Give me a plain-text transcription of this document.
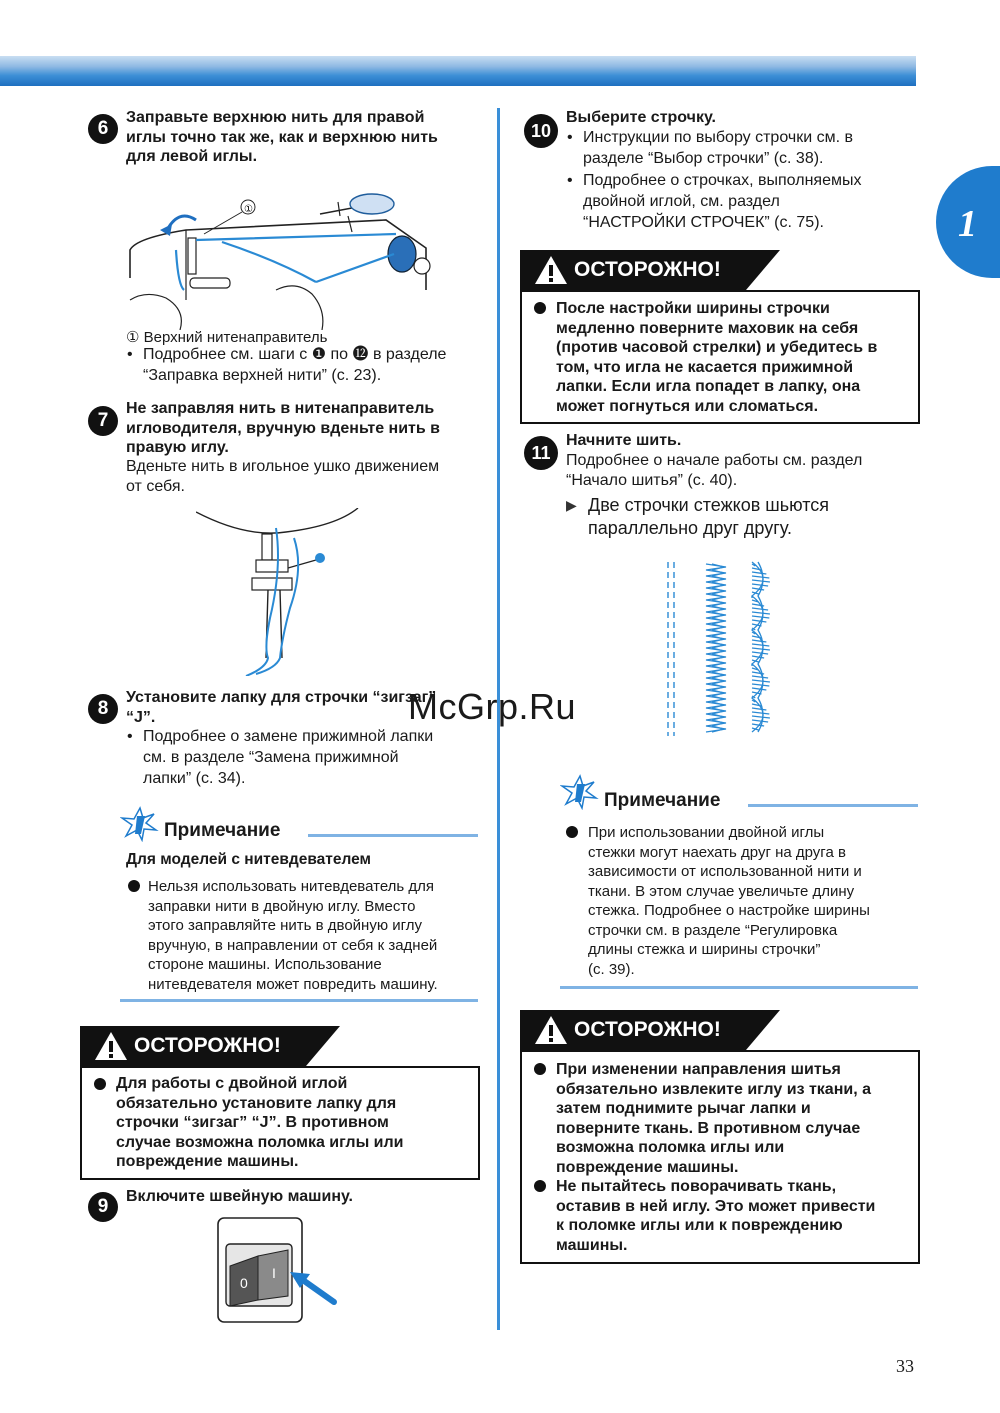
1
6
Заправьте верхнюю нить для правой
иглы точно так же, как и верхнюю нить
для левой иглы.
①
① Верхний нитенаправитель
• Подробнее см. шаги с ❶ по ⓬ в разделе
“Заправка верхней нити” (с. 23).
7
Не заправляя нить в нитенаправитель
игловодителя, вручную вденьте нить в
правую иглу.
Вденьте нить в игольное ушко движением
от себя.
8
Установите лапку для строчки “зигзаг”
“J”.
• Подробнее о замене прижимной лапки
см. в разделе “Замена прижимной
лапки” (с. 34).
McGrp.Ru
Примечание
Для моделей с нитевдевателем
Нельзя использовать нитевдеватель для
заправки нити в двойную иглу. Вместо
этого заправляйте нить в двойную иглу
вручную, в направлении от себя к задней
стороне машины. Использование
нитевдевателя может повредить машину.
ОСТОРОЖНО!
Для работы с двойной иглой
обязательно установите лапку для
строчки “зигзаг” “J”. В противном
случае возможна поломка иглы или
повреждение машины.
9	Включите швейную машину.
0
I
10
Выберите строчку.
• Инструкции по выбору строчки см. в
разделе “Выбор строчки” (с. 38).
• Подробнее о строчках, выполняемых
двойной иглой, см. раздел
“НАСТРОЙКИ СТРОЧЕК” (с. 75).
ОСТОРОЖНО!
После настройки ширины строчки
медленно поверните маховик на себя
(против часовой стрелки) и убедитесь в
том, что игла не касается прижимной
лапки. Если игла попадет в лапку, она
может погнуться или сломаться.
11
Начните шить.
Подробнее о начале работы см. раздел
“Начало шитья” (с. 40).
▶ Две строчки стежков шьются
параллельно друг другу.
Примечание
При использовании двойной иглы
стежки могут наехать друг на друга в
зависимости от использованной нити и
ткани. В этом случае увеличьте длину
стежка. Подробнее о настройке ширины
строчки см. в разделе “Регулировка
длины стежка и ширины строчки”
(с. 39).
ОСТОРОЖНО!
При изменении направления шитья
обязательно извлеките иглу из ткани, а
затем поднимите рычаг лапки и
поверните ткань. В противном случае
возможна поломка иглы или
повреждение машины.
Не пытайтесь поворачивать ткань,
оставив в ней иглу. Это может привести
к поломке иглы или к повреждению
машины.
33
